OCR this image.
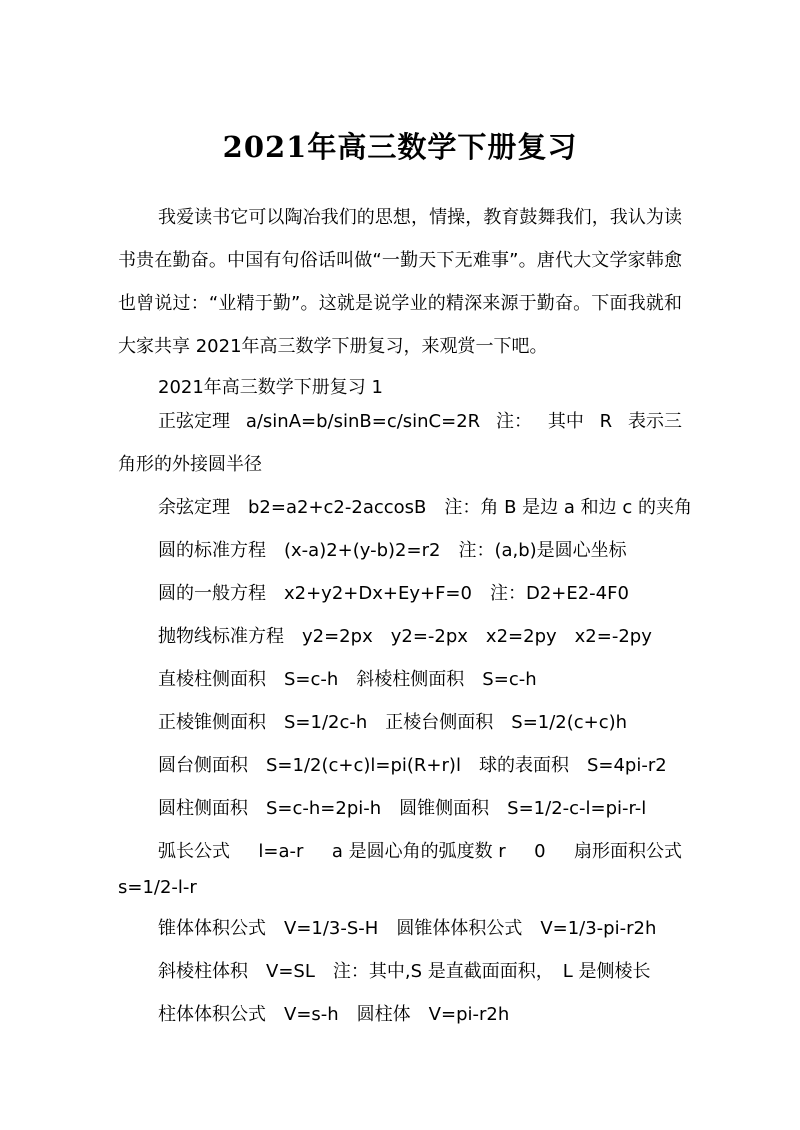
2021年高三数学下册复习
我爱读书它可以陶冶我们的思想，情操，教育鼓舞我们，我认为读书贵在勤奋。中国有句俗话叫做“一勤天下无难事”。唐代大文学家韩愈也曾说过：“业精于勤”。这就是说学业的精深来源于勤奋。下面我就和大家共享 2021年高三数学下册复习，来观赏一下吧。
2021年高三数学下册复习 1
正弦定理 a/sinA=b/sinB=c/sinC=2R 注： 其中 R 表示三
角形的外接圆半径
余弦定理　b2=a2+c2-2accosB　注：角 B 是边 a 和边 c 的夹角
圆的标准方程　(x-a)2+(y-b)2=r2　注：(a,b)是圆心坐标
圆的一般方程　x2+y2+Dx+Ey+F=0　注：D2+E2-4F0
抛物线标准方程　y2=2px　y2=-2px　x2=2py　x2=-2py
直棱柱侧面积　S=c-h　斜棱柱侧面积　S=c-h
正棱锥侧面积　S=1/2c-h　正棱台侧面积　S=1/2(c+c)h
圆台侧面积　S=1/2(c+c)l=pi(R+r)l　球的表面积　S=4pi-r2
圆柱侧面积　S=c-h=2pi-h　圆锥侧面积　S=1/2-c-l=pi-r-l
弧长公式 l=a-r a 是圆心角的弧度数 r 0 扇形面积公式
s=1/2-l-r
锥体体积公式　V=1/3-S-H　圆锥体体积公式　V=1/3-pi-r2h
斜棱柱体积　V=SL　注：其中,S 是直截面面积，　L 是侧棱长
柱体体积公式　V=s-h　圆柱体　V=pi-r2h
